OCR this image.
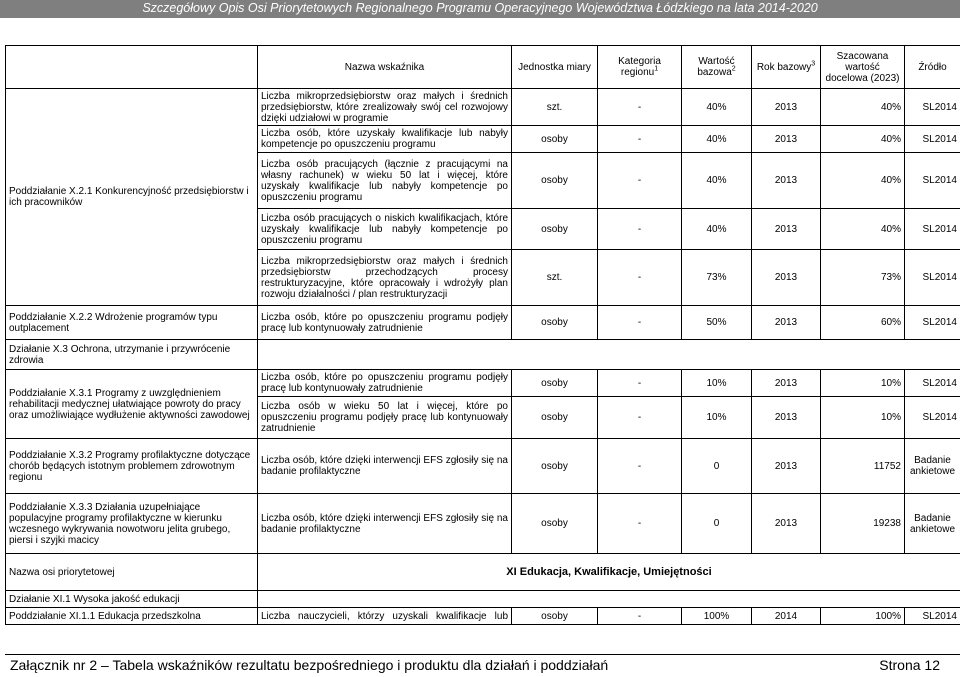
Szczegółowy Opis Osi Priorytetowych Regionalnego Programu Operacyjnego Województwa Łódzkiego na lata 2014-2020
	Nazwa wskaźnika	Jednostka miary	Kategoria regionu$^1$	Wartość bazowa$^2$	Rok bazowy$^3$	Szacowana wartość docelowa (2023)	Źródło
Poddziałanie X.2.1 Konkurencyjność przedsiębiorstw i ich pracowników	Liczba mikroprzedsiębiorstw oraz małych i średnich przedsiębiorstw, które zrealizowały swój cel rozwojowy dzięki udziałowi w programie	szt.	-	40%	2013	40%	SL2014
	Liczba osób, które uzyskały kwalifikacje lub nabyły kompetencje po opuszczeniu programu	osoby	-	40%	2013	40%	SL2014
	Liczba osób pracujących (łącznie z pracującymi na własny rachunek) w wieku 50 lat i więcej, które uzyskały kwalifikacje lub nabyły kompetencje po opuszczeniu programu	osoby	-	40%	2013	40%	SL2014
	Liczba osób pracujących o niskich kwalifikacjach, które uzyskały kwalifikacje lub nabyły kompetencje po opuszczeniu programu	osoby	-	40%	2013	40%	SL2014
	Liczba mikroprzedsiębiorstw oraz małych i średnich przedsiębiorstw przechodzących procesy restrukturyzacyjne, które opracowały i wdrożyły plan rozwoju działalności / plan restrukturyzacji	szt.	-	73%	2013	73%	SL2014
Poddziałanie X.2.2 Wdrożenie programów typu outplacement	Liczba osób, które po opuszczeniu programu podjęły pracę lub kontynuowały zatrudnienie	osoby	-	50%	2013	60%	SL2014
Działanie X.3 Ochrona, utrzymanie i przywrócenie zdrowia							
Poddziałanie X.3.1 Programy z uwzględnieniem rehabilitacji medycznej ułatwiające powroty do pracy oraz umożliwiające wydłużenie aktywności zawodowej	Liczba osób, które po opuszczeniu programu podjęły pracę lub kontynuowały zatrudnienie	osoby	-	10%	2013	10%	SL2014
	Liczba osób w wieku 50 lat i więcej, które po opuszczeniu programu podjęły pracę lub kontynuowały zatrudnienie	osoby	-	10%	2013	10%	SL2014
Poddziałanie X.3.2 Programy profilaktyczne dotyczące chorób będących istotnym problemem zdrowotnym regionu	Liczba osób, które dzięki interwencji EFS zgłosiły się na badanie profilaktyczne	osoby	-	0	2013	11752	Badanie ankietowe
Poddziałanie X.3.3 Działania uzupełniające populacyjne programy profilaktyczne w kierunku wczesnego wykrywania nowotworu jelita grubego, piersi i szyjki macicy	Liczba osób, które dzięki interwencji EFS zgłosiły się na badanie profilaktyczne	osoby	-	0	2013	19238	Badanie ankietowe
Nazwa osi priorytetowej	XI Edukacja, Kwalifikacje, Umiejętności						
Działanie XI.1 Wysoka jakość edukacji							
Poddziałanie XI.1.1 Edukacja przedszkolna	Liczba nauczycieli, którzy uzyskali kwalifikacje lub	osoby	-	100%	2014	100%	SL2014
Załącznik nr 2 – Tabela wskaźników rezultatu bezpośredniego i produktu dla działań i poddziałań	Strona 12
